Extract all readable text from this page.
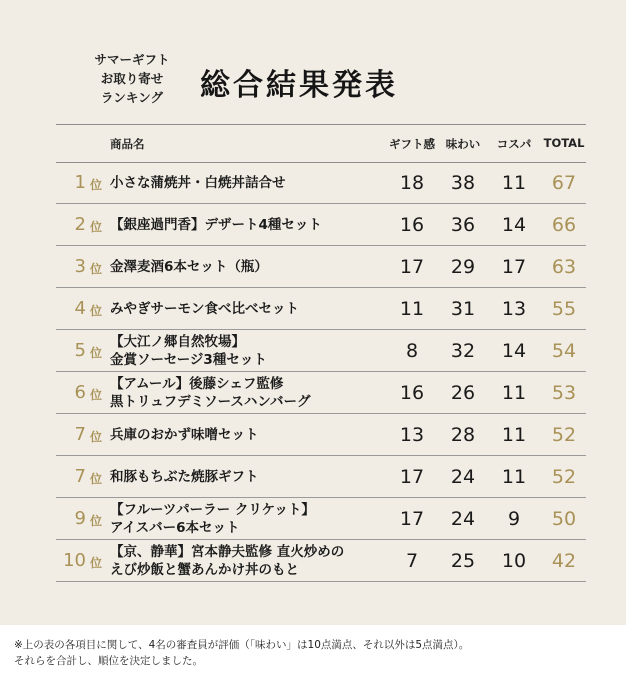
サマーギフト
お取り寄せ
ランキング	総合結果発表
商品名	ギフト感 味わい	コスパ	TOTAL
1 位 小さな蒲焼丼・白焼丼詰合せ	18	38	11	67
2 位 【銀座過門香】デザート4種セット	16	36	14	66
3 位 金澤麦酒6本セット（瓶）	17	29	17	63
4 位 みやぎサーモン食べ比べセット	11	31	13	55
5 位
【大江ノ郷自然牧場】
金賞ソーセージ3種セット	8	32	14	54
6 位
【アムール】後藤シェフ監修
黒トリュフデミソースハンバーグ	16	26	11	53
7 位 兵庫のおかず味噌セット	13	28	11	52
7 位 和豚もちぶた焼豚ギフト	17	24	11	52
9 位
【フルーツパーラー クリケット】
アイスバー6本セット	17	24	9	50
10 位
【京、静華】宮本静夫監修 直火炒めの
えび炒飯と蟹あんかけ丼のもと	7	25	10	42
※上の表の各項目に関して、4名の審査員が評価（「味わい」は10点満点、それ以外は5点満点）。
それらを合計し、順位を決定しました。
